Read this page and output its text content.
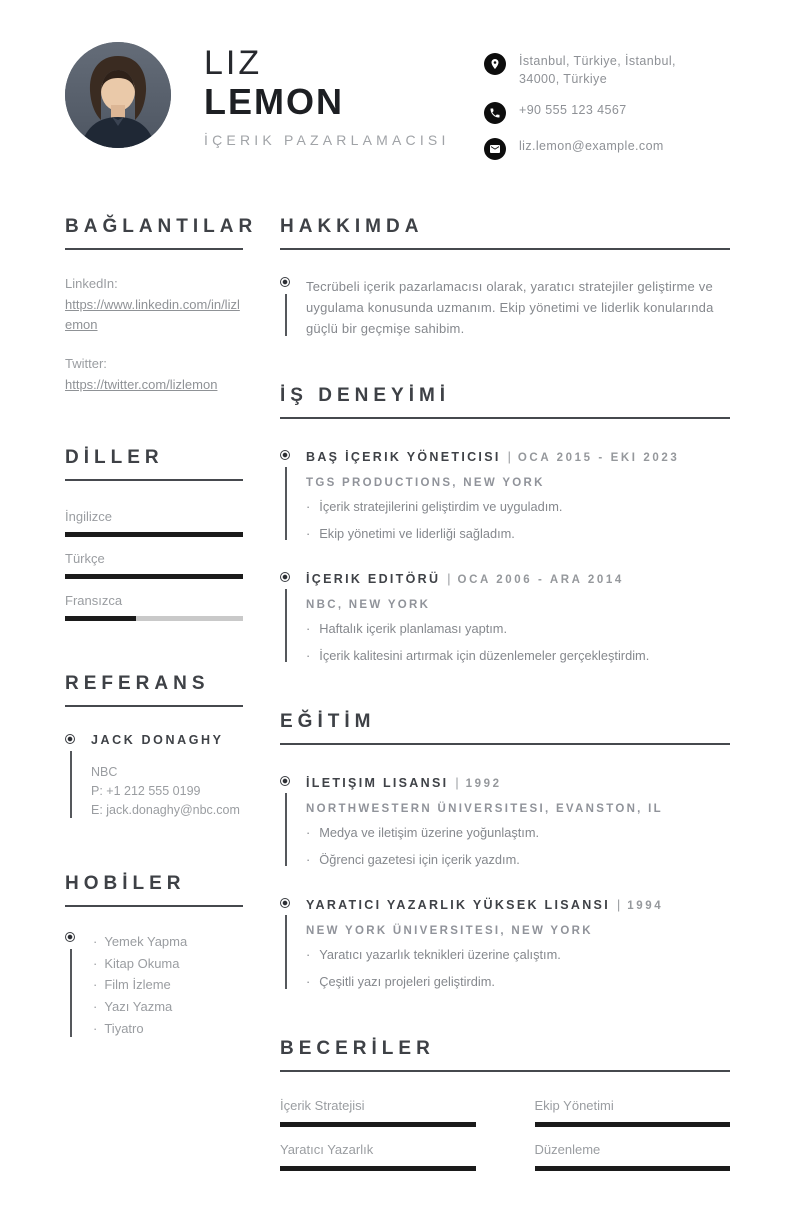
LIZ
LEMON
İÇERIK PAZARLAMACISI
İstanbul, Türkiye, İstanbul,
34000, Türkiye
+90 555 123 4567
liz.lemon@example.com
BAĞLANTILAR
LinkedIn:
https://www.linkedin.com/in/lizlemon
Twitter:
https://twitter.com/lizlemon
DİLLER
İngilizce
Türkçe
Fransızca
REFERANS
JACK DONAGHY
NBC
P: +1 212 555 0199
E: jack.donaghy@nbc.com
HOBİLER
· Yemek Yapma
· Kitap Okuma
· Film İzleme
· Yazı Yazma
· Tiyatro
HAKKIMDA
Tecrübeli içerik pazarlamacısı olarak, yaratıcı stratejiler geliştirme ve uygulama konusunda uzmanım. Ekip yönetimi ve liderlik konularında güçlü bir geçmişe sahibim.
İŞ DENEYİMİ
BAŞ İÇERIK YÖNETICISI | OCA 2015 - EKI 2023
TGS PRODUCTIONS, NEW YORK
· İçerik stratejilerini geliştirdim ve uyguladım.
· Ekip yönetimi ve liderliği sağladım.
İÇERIK EDITÖRÜ | OCA 2006 - ARA 2014
NBC, NEW YORK
· Haftalık içerik planlaması yaptım.
· İçerik kalitesini artırmak için düzenlemeler gerçekleştirdim.
EĞİTİM
İLETIŞIM LISANSI | 1992
NORTHWESTERN ÜNIVERSITESI, EVANSTON, IL
· Medya ve iletişim üzerine yoğunlaştım.
· Öğrenci gazetesi için içerik yazdım.
YARATICI YAZARLIK YÜKSEK LISANSI | 1994
NEW YORK ÜNIVERSITESI, NEW YORK
· Yaratıcı yazarlık teknikleri üzerine çalıştım.
· Çeşitli yazı projeleri geliştirdim.
BECERİLER
İçerik Stratejisi	Ekip Yönetimi
Yaratıcı Yazarlık	Düzenleme
